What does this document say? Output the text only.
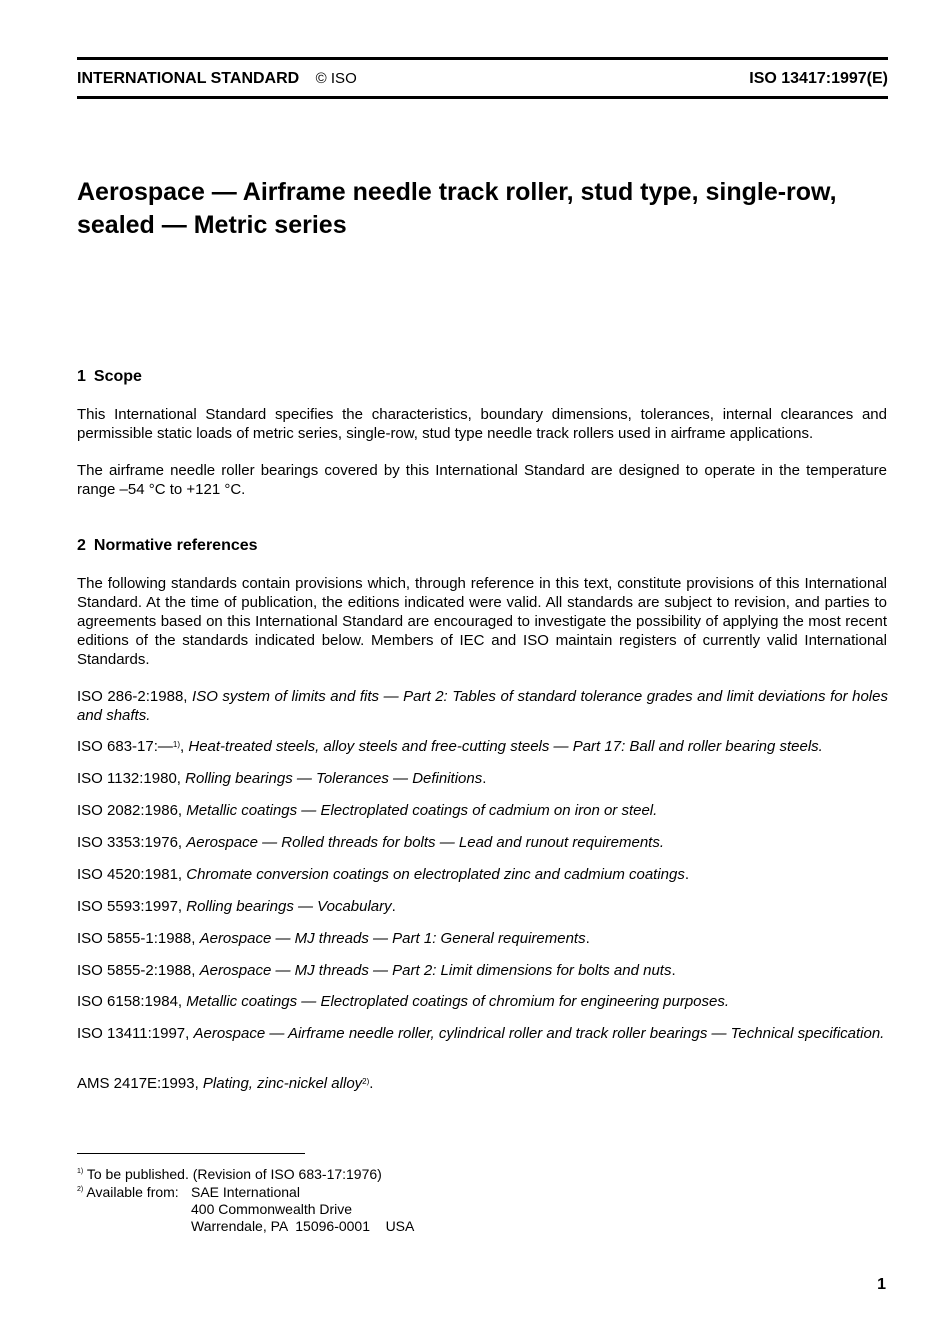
INTERNATIONAL STANDARD © ISO	ISO 13417:1997(E)
Aerospace — Airframe needle track roller, stud type, single-row,
sealed — Metric series
1 Scope

This International Standard specifies the characteristics, boundary dimensions, tolerances, internal clearances and permissible static loads of metric series, single-row, stud type needle track rollers used in airframe applications.

The airframe needle roller bearings covered by this International Standard are designed to operate in the temperature range –54 °C to +121 °C.

2 Normative references

The following standards contain provisions which, through reference in this text, constitute provisions of this International Standard. At the time of publication, the editions indicated were valid. All standards are subject to revision, and parties to agreements based on this International Standard are encouraged to investigate the possibility of applying the most recent editions of the standards indicated below. Members of IEC and ISO maintain registers of currently valid International Standards.

ISO 286-2:1988, ISO system of limits and fits — Part 2: Tables of standard tolerance grades and limit deviations for holes and shafts.

ISO 683-17:—$^{1)}$, Heat-treated steels, alloy steels and free-cutting steels — Part 17: Ball and roller bearing steels.

ISO 1132:1980, Rolling bearings — Tolerances — Definitions.

ISO 2082:1986, Metallic coatings — Electroplated coatings of cadmium on iron or steel.

ISO 3353:1976, Aerospace — Rolled threads for bolts — Lead and runout requirements.

ISO 4520:1981, Chromate conversion coatings on electroplated zinc and cadmium coatings.

ISO 5593:1997, Rolling bearings — Vocabulary.

ISO 5855-1:1988, Aerospace — MJ threads — Part 1: General requirements.

ISO 5855-2:1988, Aerospace — MJ threads — Part 2: Limit dimensions for bolts and nuts.

ISO 6158:1984, Metallic coatings — Electroplated coatings of chromium for engineering purposes.

ISO 13411:1997, Aerospace — Airframe needle roller, cylindrical roller and track roller bearings — Technical specification.

AMS 2417E:1993, Plating, zinc-nickel alloy$^{2)}$.

$^{1)}$ To be published. (Revision of ISO 683-17:1976)
$^{2)}$ Available from: SAE International
400 Commonwealth Drive
Warrendale, PA  15096-0001    USA
1
